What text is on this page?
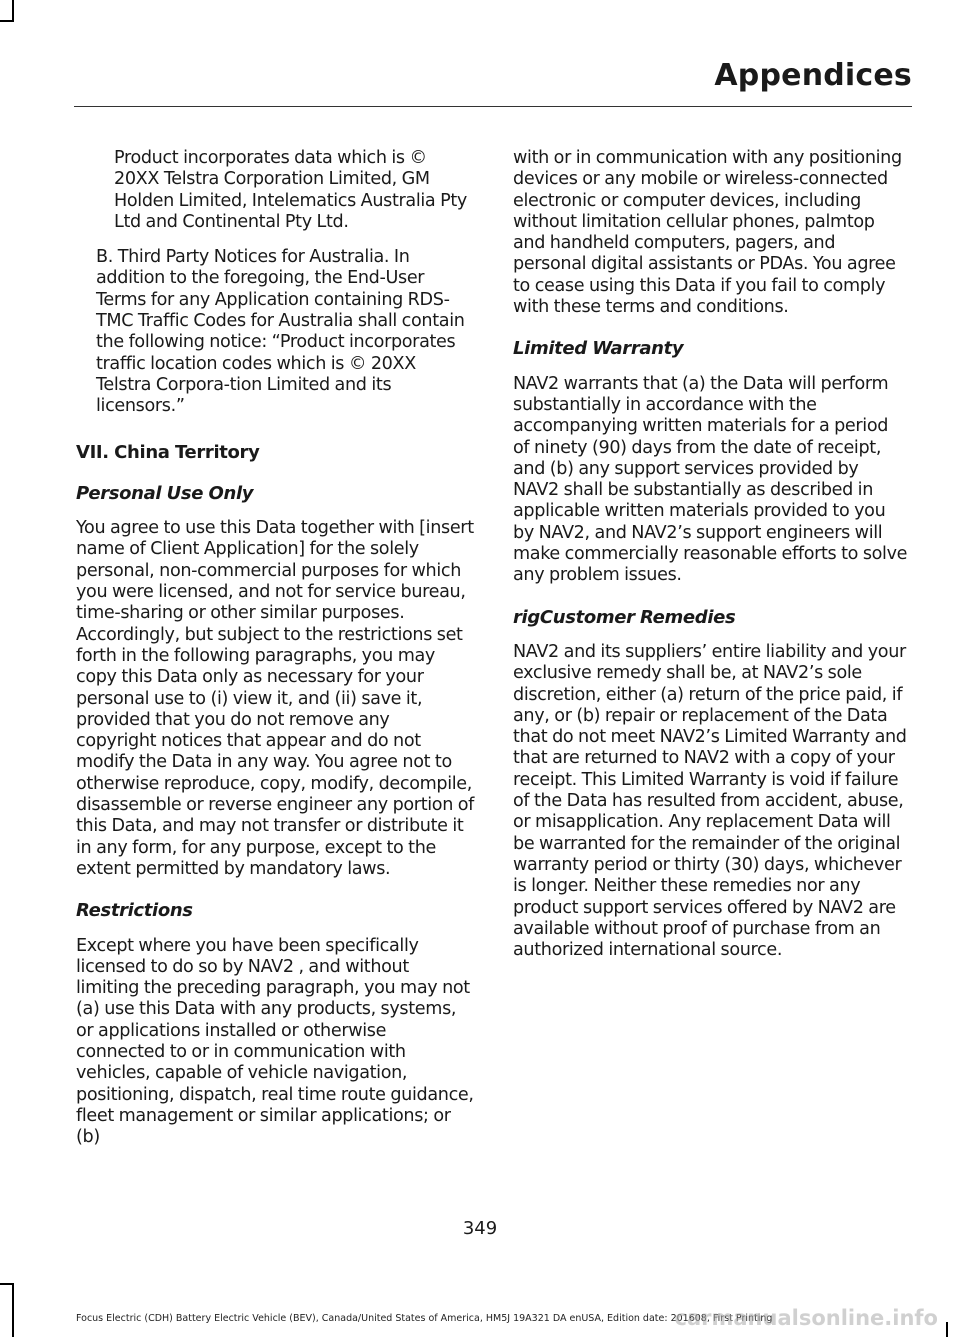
Appendices

Product incorporates data which is © 20XX Telstra Corporation Limited, GM Holden Limited, Intelematics Australia Pty Ltd and Continental Pty Ltd.

B. Third Party Notices for Australia. In addition to the foregoing, the End-User Terms for any Application containing RDS-TMC Traffic Codes for Australia shall contain the following notice: “Product incorporates traffic location codes which is © 20XX Telstra Corpora-tion Limited and its licensors.”

VII. China Territory

Personal Use Only

You agree to use this Data together with [insert name of Client Application] for the solely personal, non-commercial purposes for which you were licensed, and not for service bureau, time-sharing or other similar purposes. Accordingly, but subject to the restrictions set forth in the following paragraphs, you may copy this Data only as necessary for your personal use to (i) view it, and (ii) save it, provided that you do not remove any copyright notices that appear and do not modify the Data in any way. You agree not to otherwise reproduce, copy, modify, decompile, disassemble or reverse engineer any portion of this Data, and may not transfer or distribute it in any form, for any purpose, except to the extent permitted by mandatory laws.

Restrictions

Except where you have been specifically licensed to do so by NAV2 , and without limiting the preceding paragraph, you may not (a) use this Data with any products, systems, or applications installed or otherwise connected to or in communication with vehicles, capable of vehicle navigation, positioning, dispatch, real time route guidance, fleet management or similar applications; or (b)

with or in communication with any positioning devices or any mobile or wireless-connected electronic or computer devices, including without limitation cellular phones, palmtop and handheld computers, pagers, and personal digital assistants or PDAs. You agree to cease using this Data if you fail to comply with these terms and conditions.

Limited Warranty

NAV2 warrants that (a) the Data will perform substantially in accordance with the accompanying written materials for a period of ninety (90) days from the date of receipt, and (b) any support services provided by NAV2 shall be substantially as described in applicable written materials provided to you by NAV2, and NAV2’s support engineers will make commercially reasonable efforts to solve any problem issues.

rigCustomer Remedies

NAV2 and its suppliers’ entire liability and your exclusive remedy shall be, at NAV2’s sole discretion, either (a) return of the price paid, if any, or (b) repair or replacement of the Data that do not meet NAV2’s Limited Warranty and that are returned to NAV2 with a copy of your receipt. This Limited Warranty is void if failure of the Data has resulted from accident, abuse, or misapplication. Any replacement Data will be warranted for the remainder of the original warranty period or thirty (30) days, whichever is longer. Neither these remedies nor any product support services offered by NAV2 are available without proof of purchase from an authorized international source.

349
Focus Electric (CDH) Battery Electric Vehicle (BEV), Canada/United States of America, HM5J 19A321 DA enUSA, Edition date: 201608, First Printing
carmanualsonline.info
